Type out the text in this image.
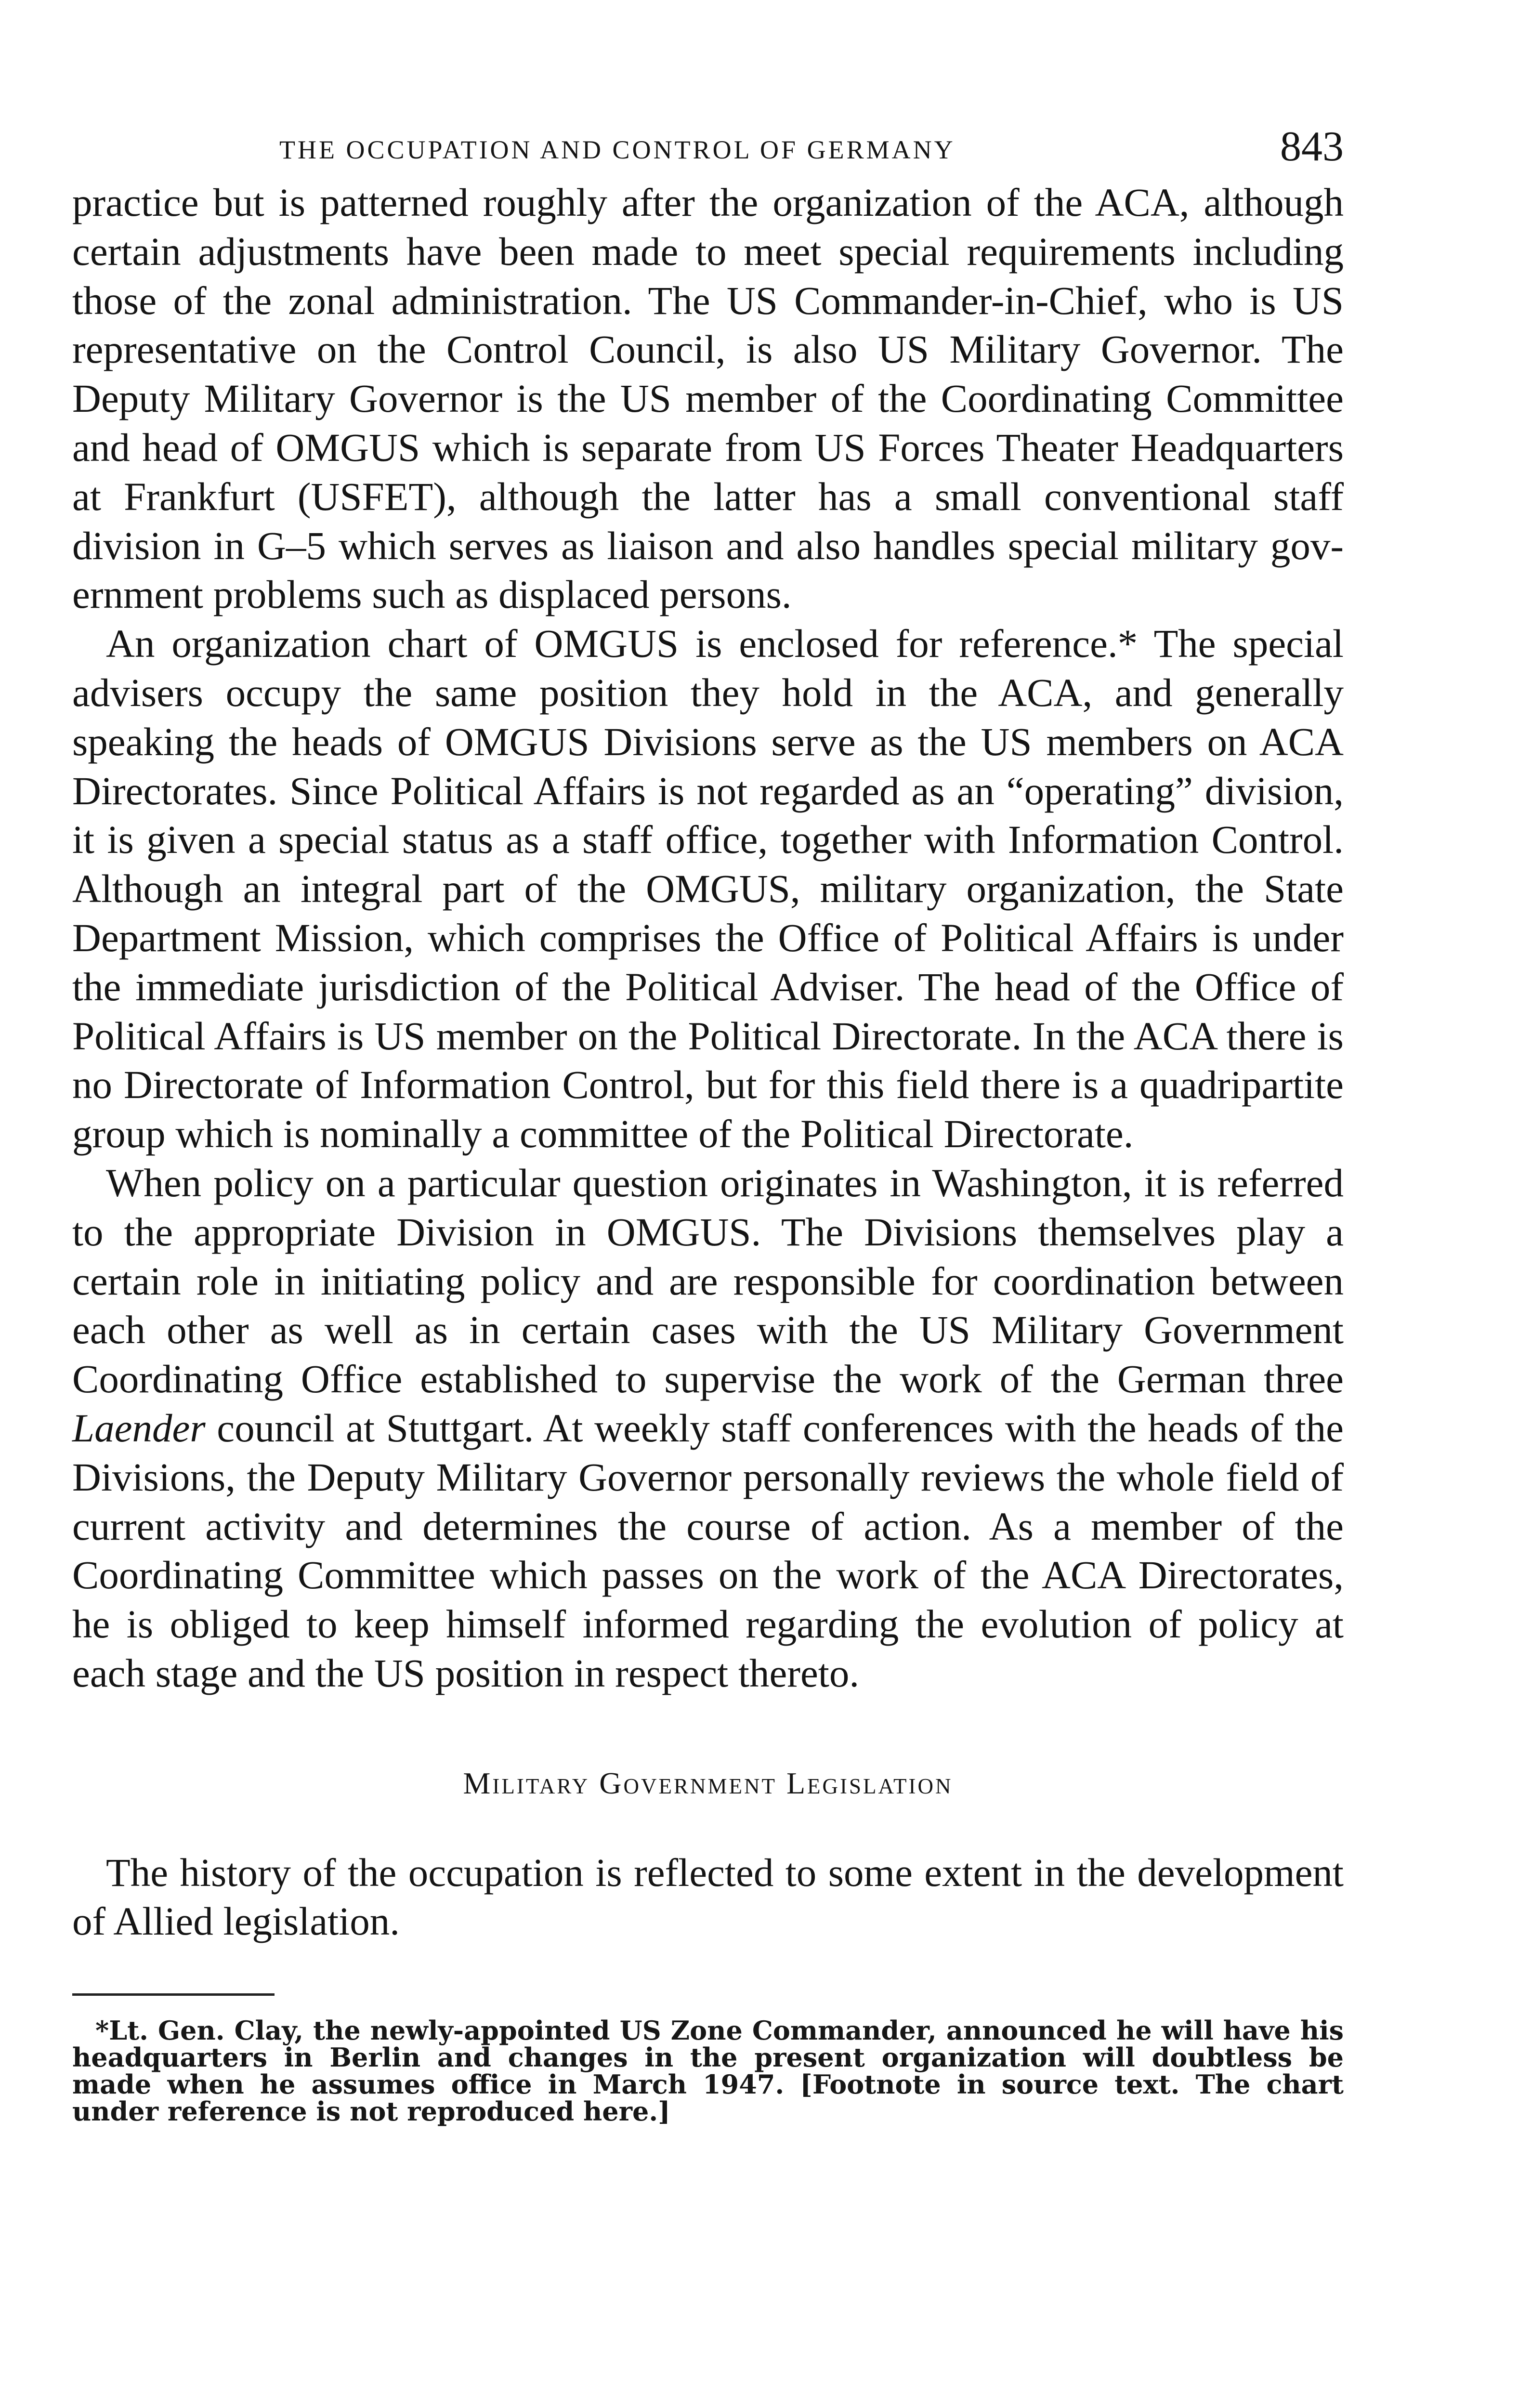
THE OCCUPATION AND CONTROL OF GERMANY	843

practice but is patterned roughly after the organization of the ACA, although certain adjustments have been made to meet special requirements including those of the zonal administration. The US Commander-in-Chief, who is US representative on the Control Council, is also US Military Governor. The Deputy Military Governor is the US member of the Coordinating Committee and head of OMGUS which is separate from US Forces Theater Headquarters at Frankfurt (USFET), although the latter has a small conventional staff division in G–5 which serves as liaison and also handles special military government problems such as displaced persons.

An organization chart of OMGUS is enclosed for reference.* The special advisers occupy the same position they hold in the ACA, and generally speaking the heads of OMGUS Divisions serve as the US members on ACA Directorates. Since Political Affairs is not regarded as an “operating” division, it is given a special status as a staff office, together with Information Control. Although an integral part of the OMGUS, military organization, the State Department Mission, which comprises the Office of Political Affairs is under the immediate jurisdiction of the Political Adviser. The head of the Office of Political Affairs is US member on the Political Directorate. In the ACA there is no Directorate of Information Control, but for this field there is a quadripartite group which is nominally a committee of the Political Directorate.

When policy on a particular question originates in Washington, it is referred to the appropriate Division in OMGUS. The Divisions themselves play a certain role in initiating policy and are responsible for coordination between each other as well as in certain cases with the US Military Government Coordinating Office established to supervise the work of the German three Laender council at Stuttgart. At weekly staff conferences with the heads of the Divisions, the Deputy Military Governor personally reviews the whole field of current activity and determines the course of action. As a member of the Coordinating Committee which passes on the work of the ACA Directorates, he is obliged to keep himself informed regarding the evolution of policy at each stage and the US position in respect thereto.

Military Government Legislation

The history of the occupation is reflected to some extent in the development of Allied legislation.

*Lt. Gen. Clay, the newly-appointed US Zone Commander, announced he will have his headquarters in Berlin and changes in the present organization will doubtless be made when he assumes office in March 1947. [Footnote in source text. The chart under reference is not reproduced here.]
